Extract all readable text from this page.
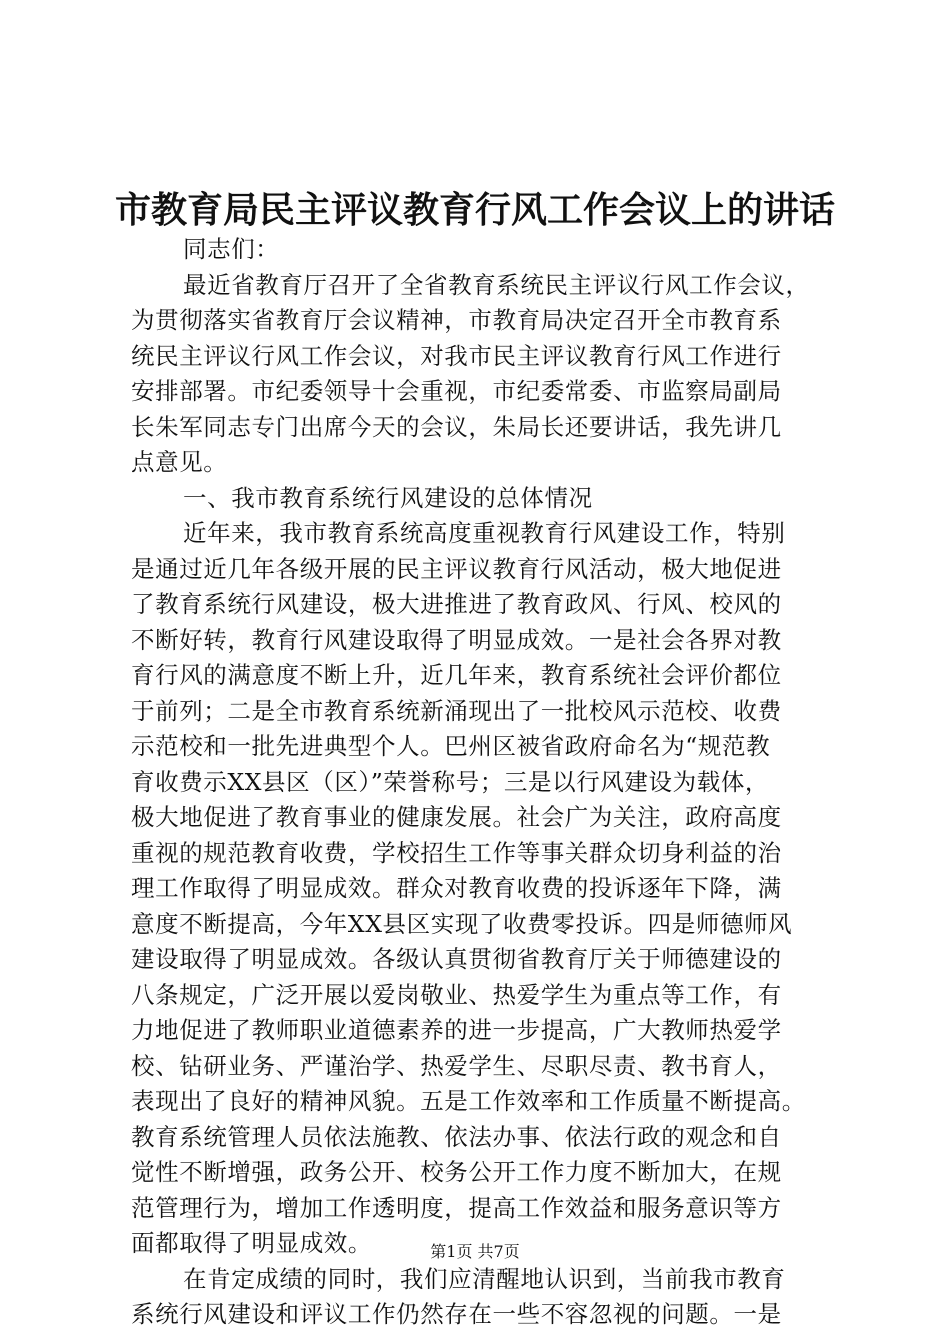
市教育局民主评议教育行风工作会议上的讲话
同志们：
最近省教育厅召开了全省教育系统民主评议行风工作会议，
为贯彻落实省教育厅会议精神，市教育局决定召开全市教育系
统民主评议行风工作会议，对我市民主评议教育行风工作进行
安排部署。市纪委领导十会重视，市纪委常委、市监察局副局
长朱军同志专门出席今天的会议，朱局长还要讲话，我先讲几
点意见。
一、我市教育系统行风建设的总体情况
近年来，我市教育系统高度重视教育行风建设工作，特别
是通过近几年各级开展的民主评议教育行风活动，极大地促进
了教育系统行风建设，极大进推进了教育政风、行风、校风的
不断好转，教育行风建设取得了明显成效。一是社会各界对教
育行风的满意度不断上升，近几年来，教育系统社会评价都位
于前列；二是全市教育系统新涌现出了一批校风示范校、收费
示范校和一批先进典型个人。巴州区被省政府命名为“规范教
育收费示XX县区（区）”荣誉称号；三是以行风建设为载体，
极大地促进了教育事业的健康发展。社会广为关注，政府高度
重视的规范教育收费，学校招生工作等事关群众切身利益的治
理工作取得了明显成效。群众对教育收费的投诉逐年下降，满
意度不断提高，今年XX县区实现了收费零投诉。四是师德师风
建设取得了明显成效。各级认真贯彻省教育厅关于师德建设的
八条规定，广泛开展以爱岗敬业、热爱学生为重点等工作，有
力地促进了教师职业道德素养的进一步提高，广大教师热爱学
校、钻研业务、严谨治学、热爱学生、尽职尽责、教书育人，
表现出了良好的精神风貌。五是工作效率和工作质量不断提高。
教育系统管理人员依法施教、依法办事、依法行政的观念和自
觉性不断增强，政务公开、校务公开工作力度不断加大，在规
范管理行为，增加工作透明度，提高工作效益和服务意识等方
面都取得了明显成效。
在肯定成绩的同时，我们应清醒地认识到，当前我市教育
系统行风建设和评议工作仍然存在一些不容忽视的问题。一是
第1页 共7页
